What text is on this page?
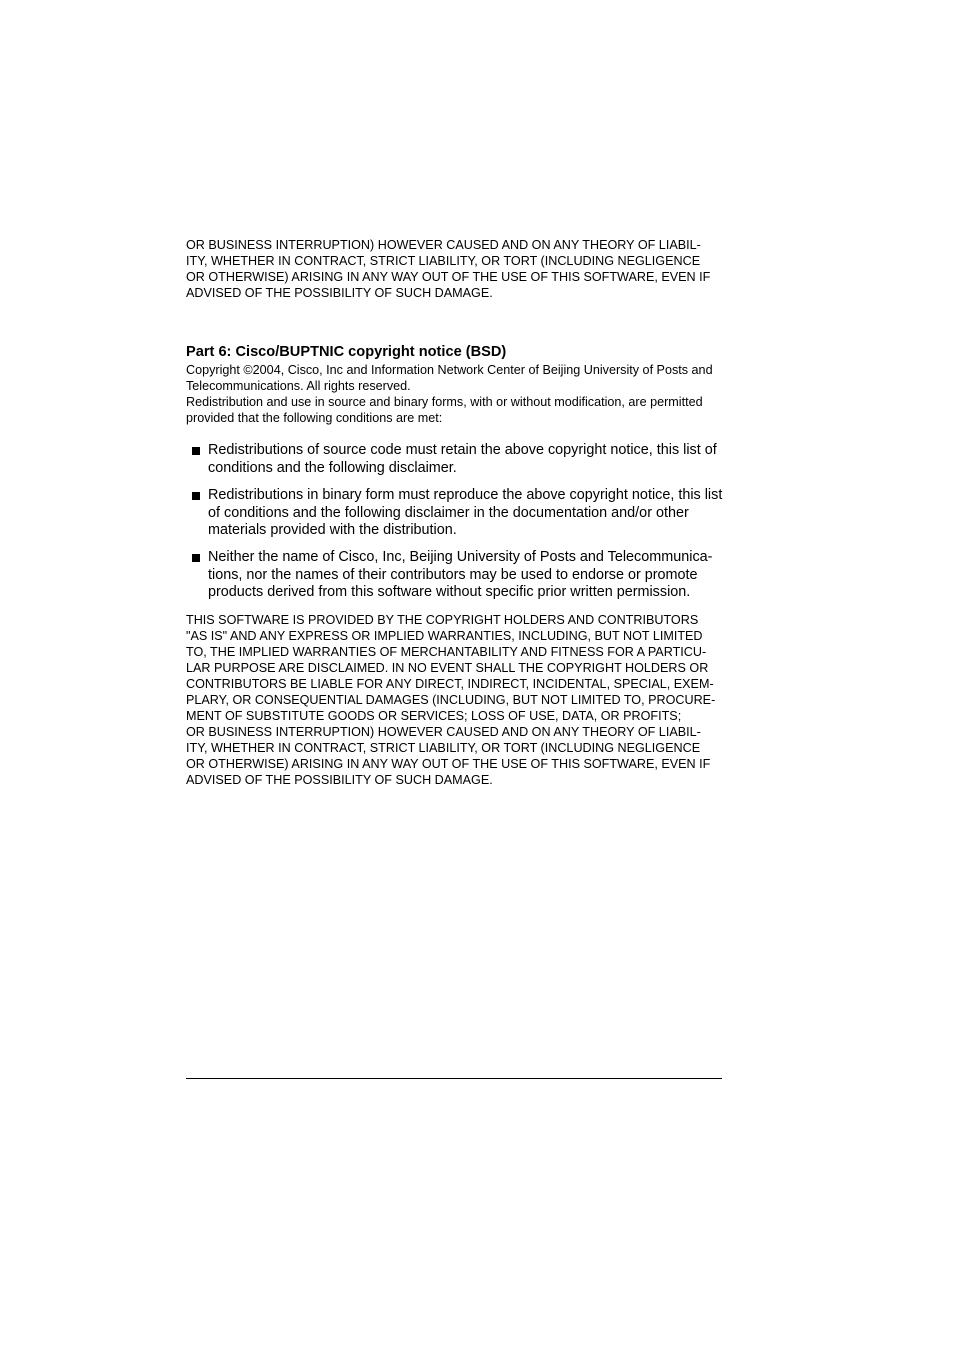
OR BUSINESS INTERRUPTION) HOWEVER CAUSED AND ON ANY THEORY OF LIABIL-
ITY, WHETHER IN CONTRACT, STRICT LIABILITY, OR TORT (INCLUDING NEGLIGENCE
OR OTHERWISE) ARISING IN ANY WAY OUT OF THE USE OF THIS SOFTWARE, EVEN IF
ADVISED OF THE POSSIBILITY OF SUCH DAMAGE.
Part 6: Cisco/BUPTNIC copyright notice (BSD)
Copyright ©2004, Cisco, Inc and Information Network Center of Beijing University of Posts and
Telecommunications. All rights reserved.
Redistribution and use in source and binary forms, with or without modification, are permitted
provided that the following conditions are met:
Redistributions of source code must retain the above copyright notice, this list of
conditions and the following disclaimer.
Redistributions in binary form must reproduce the above copyright notice, this list
of conditions and the following disclaimer in the documentation and/or other
materials provided with the distribution.
Neither the name of Cisco, Inc, Beijing University of Posts and Telecommunica-
tions, nor the names of their contributors may be used to endorse or promote
products derived from this software without specific prior written permission.
THIS SOFTWARE IS PROVIDED BY THE COPYRIGHT HOLDERS AND CONTRIBUTORS
"AS IS" AND ANY EXPRESS OR IMPLIED WARRANTIES, INCLUDING, BUT NOT LIMITED
TO, THE IMPLIED WARRANTIES OF MERCHANTABILITY AND FITNESS FOR A PARTICU-
LAR PURPOSE ARE DISCLAIMED. IN NO EVENT SHALL THE COPYRIGHT HOLDERS OR
CONTRIBUTORS BE LIABLE FOR ANY DIRECT, INDIRECT, INCIDENTAL, SPECIAL, EXEM-
PLARY, OR CONSEQUENTIAL DAMAGES (INCLUDING, BUT NOT LIMITED TO, PROCURE-
MENT OF SUBSTITUTE GOODS OR SERVICES; LOSS OF USE, DATA, OR PROFITS;
OR BUSINESS INTERRUPTION) HOWEVER CAUSED AND ON ANY THEORY OF LIABIL-
ITY, WHETHER IN CONTRACT, STRICT LIABILITY, OR TORT (INCLUDING NEGLIGENCE
OR OTHERWISE) ARISING IN ANY WAY OUT OF THE USE OF THIS SOFTWARE, EVEN IF
ADVISED OF THE POSSIBILITY OF SUCH DAMAGE.
